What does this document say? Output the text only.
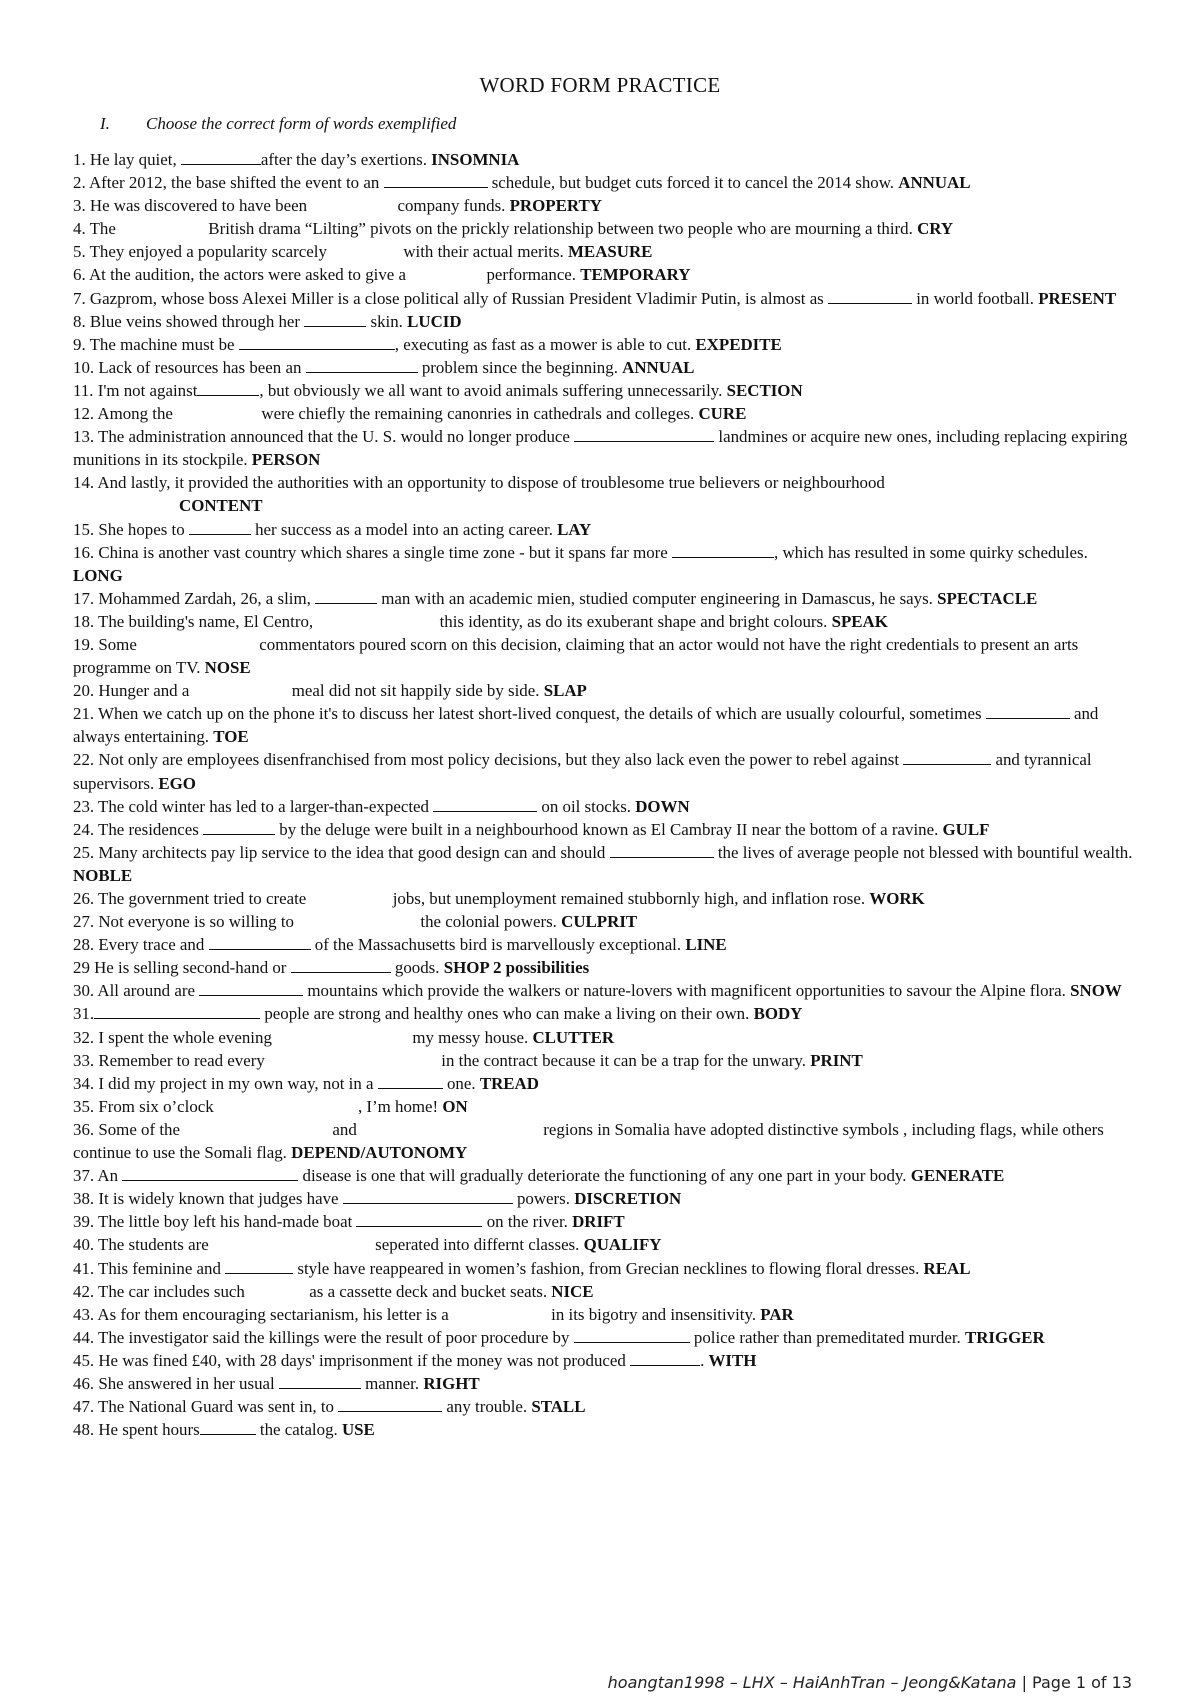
WORD FORM PRACTICE
I. Choose the correct form of words exemplified
1. He lay quiet,	after the day’s exertions. INSOMNIA
2. After 2012, the base shifted the event to an	schedule, but budget cuts forced it to cancel the 2014 show. ANNUAL
3. He was discovered to have been	company funds. PROPERTY
4. The	British drama “Lilting” pivots on the prickly relationship between two people who are mourning a third. CRY
5. They enjoyed a popularity scarcely	with their actual merits. MEASURE
6. At the audition, the actors were asked to give a	performance. TEMPORARY
7. Gazprom, whose boss Alexei Miller is a close political ally of Russian President Vladimir Putin, is almost as	in world football. PRESENT
8. Blue veins showed through her	skin. LUCID
9. The machine must be	, executing as fast as a mower is able to cut. EXPEDITE
10. Lack of resources has been an	problem since the beginning. ANNUAL
11. I'm not against	, but obviously we all want to avoid animals suffering unnecessarily. SECTION
12. Among the	were chiefly the remaining canonries in cathedrals and colleges. CURE
13. The administration announced that the U. S. would no longer produce	landmines or acquire new ones, including replacing expiring munitions in its stockpile. PERSON
14. And lastly, it provided the authorities with an opportunity to dispose of troublesome true believers or neighbourhood
CONTENT
15. She hopes to	her success as a model into an acting career. LAY
16. China is another vast country which shares a single time zone - but it spans far more	, which has resulted in some quirky schedules. LONG
17. Mohammed Zardah, 26, a slim,	man with an academic mien, studied computer engineering in Damascus, he says. SPECTACLE
18. The building's name, El Centro,	this identity, as do its exuberant shape and bright colours. SPEAK
19. Some	commentators poured scorn on this decision, claiming that an actor would not have the right credentials to present an arts programme on TV. NOSE
20. Hunger and a	meal did not sit happily side by side. SLAP
21. When we catch up on the phone it's to discuss her latest short-lived conquest, the details of which are usually colourful, sometimes	and always entertaining. TOE
22. Not only are employees disenfranchised from most policy decisions, but they also lack even the power to rebel against	and tyrannical supervisors. EGO
23. The cold winter has led to a larger-than-expected	on oil stocks. DOWN
24. The residences	by the deluge were built in a neighbourhood known as El Cambray II near the bottom of a ravine. GULF
25. Many architects pay lip service to the idea that good design can and should	the lives of average people not blessed with bountiful wealth. NOBLE
26. The government tried to create	jobs, but unemployment remained stubbornly high, and inflation rose. WORK
27. Not everyone is so willing to	the colonial powers. CULPRIT
28. Every trace and	of the Massachusetts bird is marvellously exceptional. LINE
29 He is selling second-hand or	goods. SHOP 2 possibilities
30. All around are	mountains which provide the walkers or nature-lovers with magnificent opportunities to savour the Alpine flora. SNOW
31.	people are strong and healthy ones who can make a living on their own. BODY
32. I spent the whole evening	my messy house. CLUTTER
33. Remember to read every	in the contract because it can be a trap for the unwary. PRINT
34. I did my project in my own way, not in a	one. TREAD
35. From six o’clock	, I’m home! ON
36. Some of the	and	regions in Somalia have adopted distinctive symbols , including flags, while others continue to use the Somali flag. DEPEND/AUTONOMY
37. An	disease is one that will gradually deteriorate the functioning of any one part in your body. GENERATE
38. It is widely known that judges have	powers. DISCRETION
39. The little boy left his hand-made boat	on the river. DRIFT
40. The students are	seperated into differnt classes. QUALIFY
41. This feminine and	style have reappeared in women’s fashion, from Grecian necklines to flowing floral dresses. REAL
42. The car includes such	as a cassette deck and bucket seats. NICE
43. As for them encouraging sectarianism, his letter is a	in its bigotry and insensitivity. PAR
44. The investigator said the killings were the result of poor procedure by	police rather than premeditated murder. TRIGGER
45. He was fined £40, with 28 days' imprisonment if the money was not produced	. WITH
46. She answered in her usual	manner. RIGHT
47. The National Guard was sent in, to	any trouble. STALL
48. He spent hours	the catalog. USE
hoangtan1998 – LHX – HaiAnhTran – Jeong&Katana | Page 1 of 13
